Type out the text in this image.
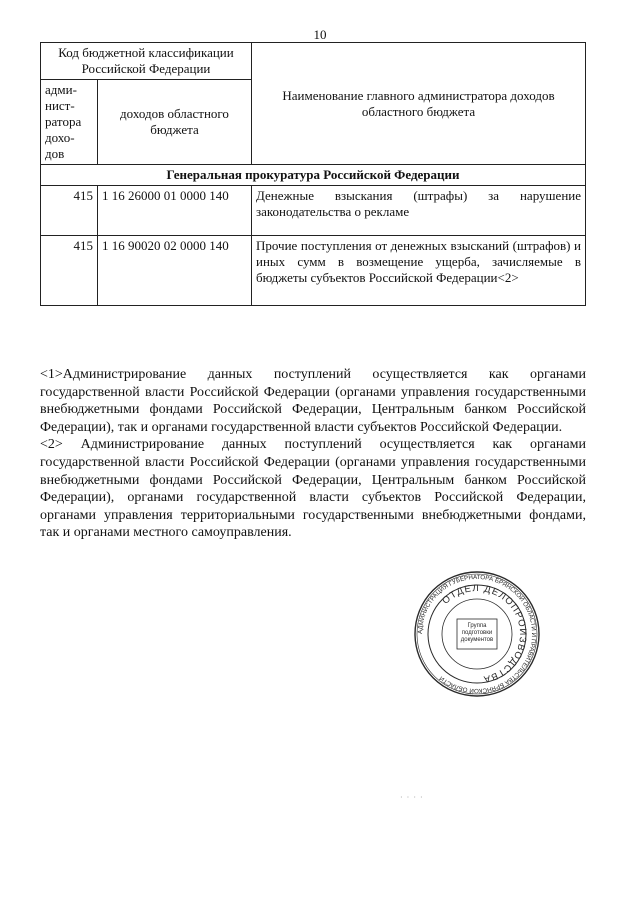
10
Код бюджетной классификации Российской Федерации		Наименование главного администратора доходов областного бюджета
адми-нист-ратора дохо-дов	доходов областного бюджета	
Генеральная прокуратура Российской Федерации		
415	1 16 26000 01 0000 140	Денежные взыскания (штрафы) за нарушение законодательства о рекламе
415	1 16 90020 02 0000 140	Прочие поступления от денежных взысканий (штрафов) и иных сумм в возмещение ущерба, зачисляемые в бюджеты субъектов Российской Федерации<2>

<1>Администрирование данных поступлений осуществляется как органами государственной власти Российской Федерации (органами управления государственными внебюджетными фондами Российской Федерации, Центральным банком Российской Федерации), так и органами государственной власти субъектов Российской Федерации.

<2> Администрирование данных поступлений осуществляется как органами государственной власти Российской Федерации (органами управления государственными внебюджетными фондами Российской Федерации, Центральным банком Российской Федерации), органами государственной власти субъектов Российской Федерации, органами управления территориальными государственными внебюджетными фондами, так и органами местного самоуправления.

АДМИНИСТРАЦИЯ ГУБЕРНАТОРА БРЯНСКОЙ ОБЛАСТИ И ПРАВИТЕЛЬСТВА БРЯНСКОЙ ОБЛАСТИ
ОТДЕЛ ДЕЛОПРОИЗВОДСТВА
Группа подготовки документов
· · · ·
